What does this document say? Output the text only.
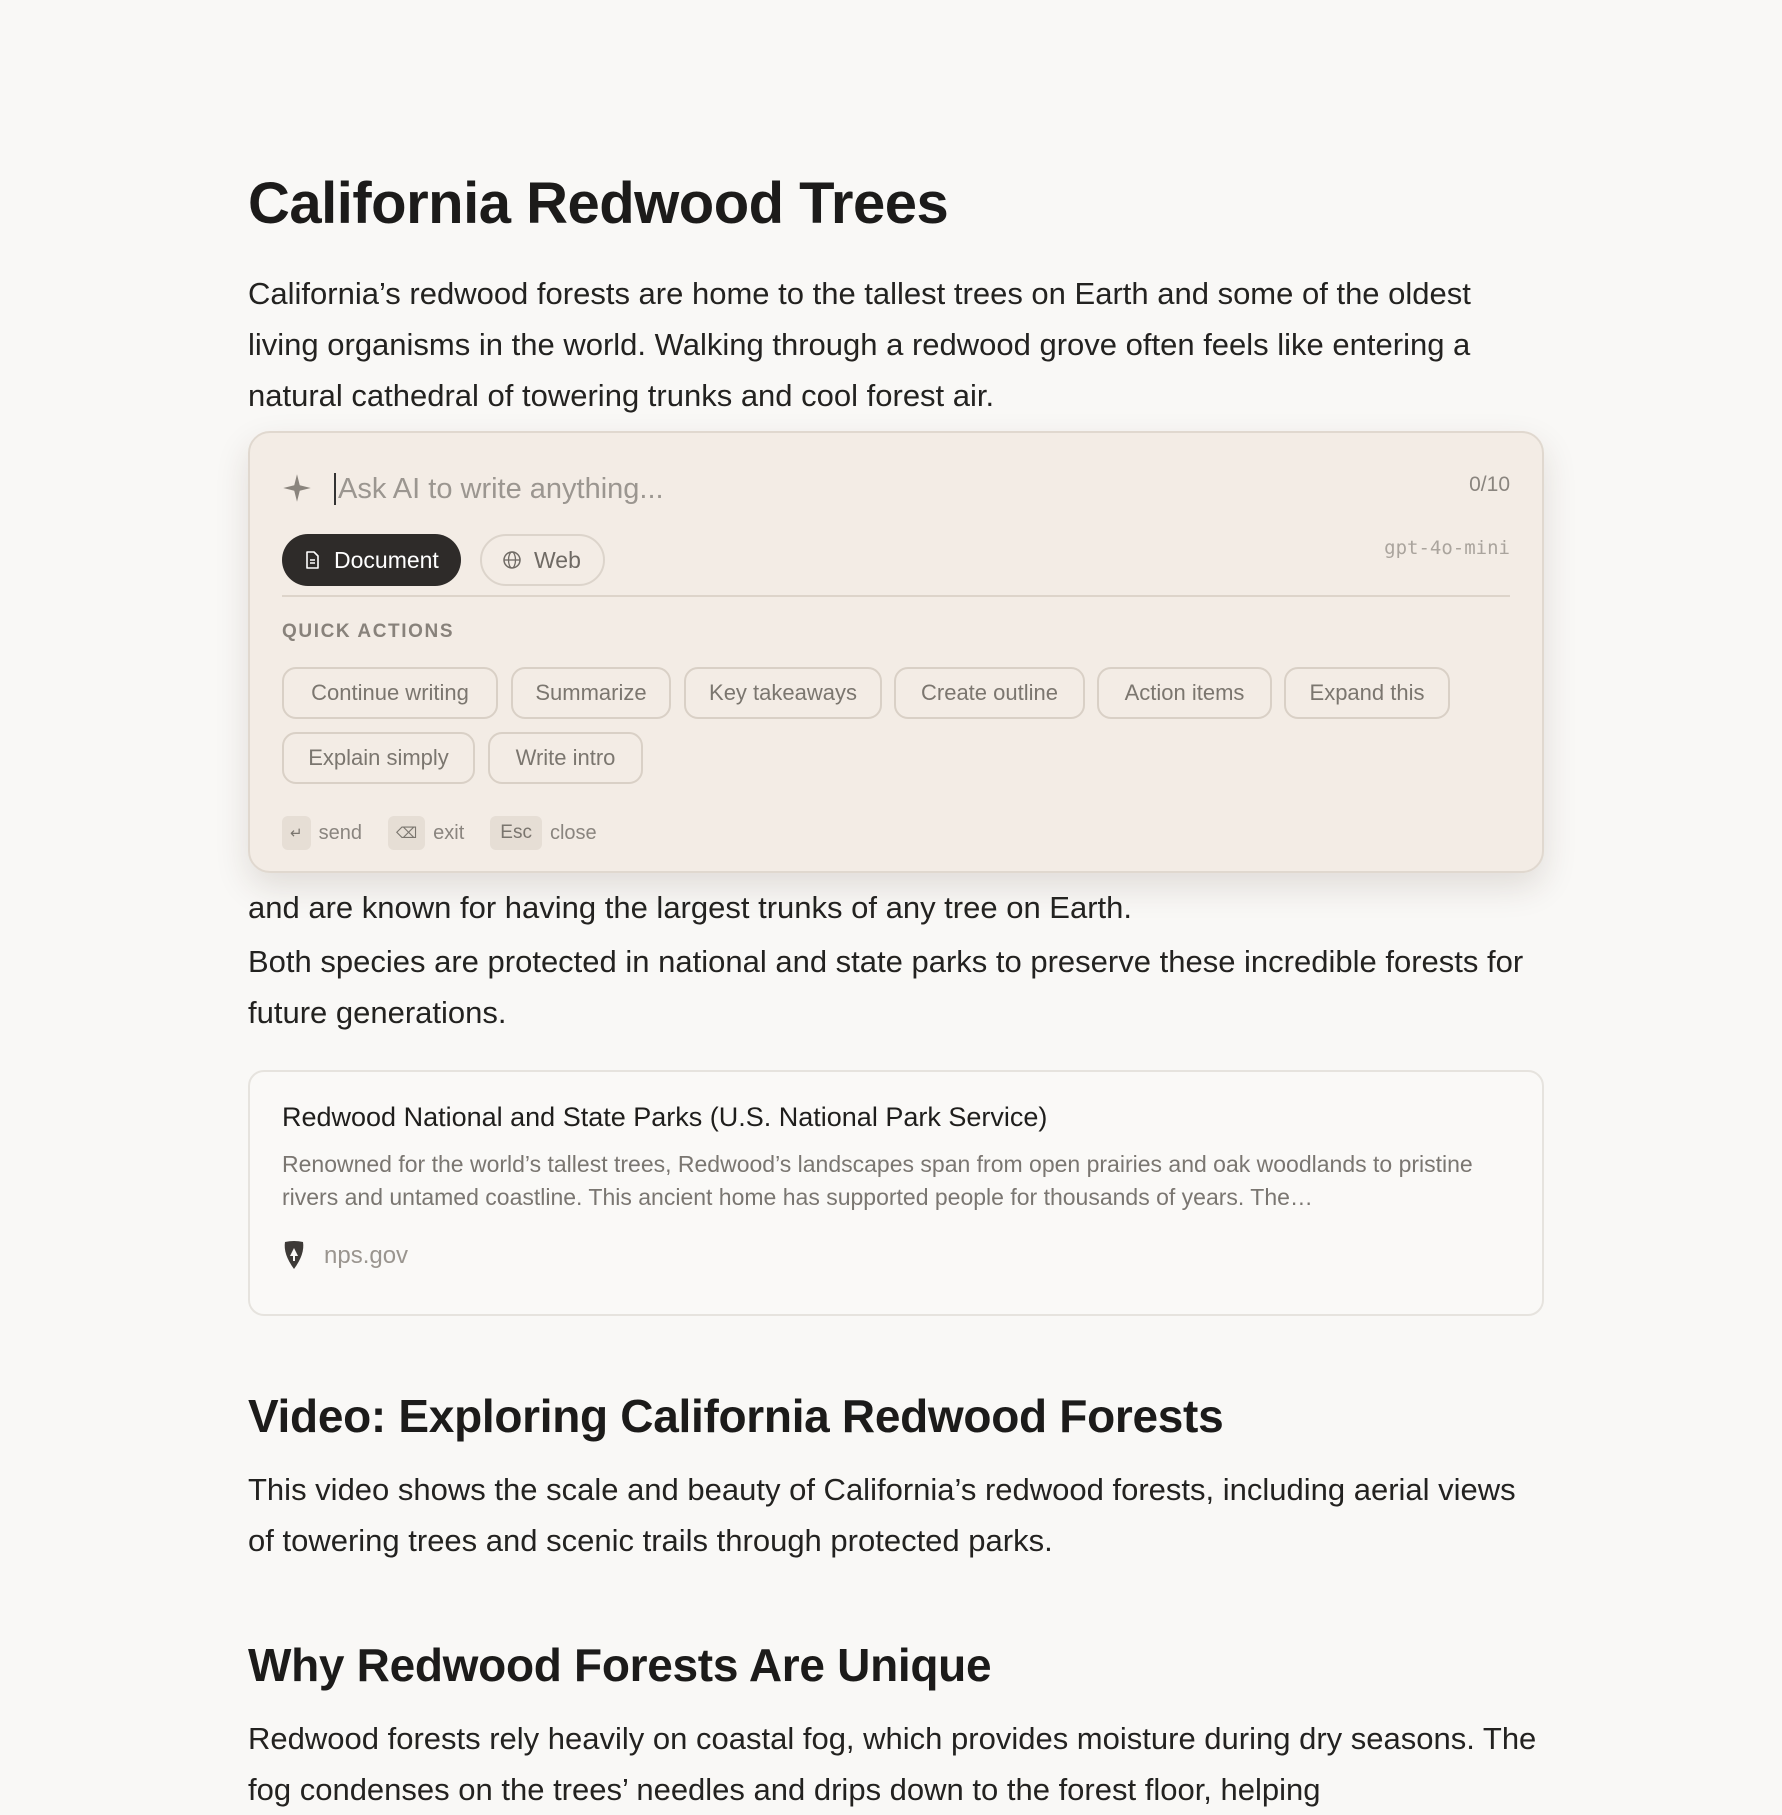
California Redwood Trees

California’s redwood forests are home to the tallest trees on Earth and some of the oldest living organisms in the world. Walking through a redwood grove often feels like entering a natural cathedral of towering trunks and cool forest air.

Ask AI to write anything...
0/10
Document	Web	gpt-4o-mini
QUICK ACTIONS
Continue writing	Summarize	Key takeaways	Create outline	Action items	Expand this
Explain simply	Write intro
↵ send	⌫ exit	Esc close

and are known for having the largest trunks of any tree on Earth.

Both species are protected in national and state parks to preserve these incredible forests for future generations.

Redwood National and State Parks (U.S. National Park Service)
Renowned for the world’s tallest trees, Redwood’s landscapes span from open prairies and oak woodlands to pristine rivers and untamed coastline. This ancient home has supported people for thousands of years. The…
nps.gov
Video: Exploring California Redwood Forests

This video shows the scale and beauty of California’s redwood forests, including aerial views of towering trees and scenic trails through protected parks.

Why Redwood Forests Are Unique

Redwood forests rely heavily on coastal fog, which provides moisture during dry seasons. The fog condenses on the trees’ needles and drips down to the forest floor, helping
